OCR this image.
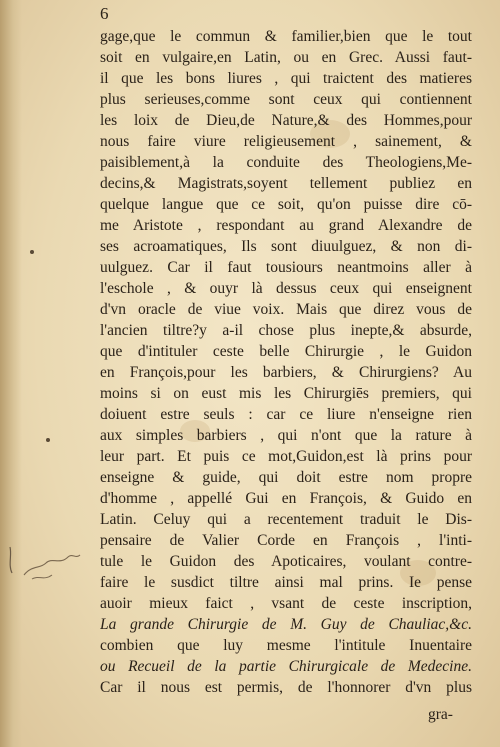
6
gage,que le commun & familier,bien que le tout
soit en vulgaire,en Latin, ou en Grec. Aussi faut-
il que les bons liures , qui traictent des matieres
plus serieuses,comme sont ceux qui contiennent
les loix de Dieu,de Nature,& des Hommes,pour
nous faire viure religieusement , sainement, &
paisiblement,à la conduite des Theologiens,Me-
decins,& Magistrats,soyent tellement publiez en
quelque langue que ce soit, qu'on puisse dire cō-
me Aristote , respondant au grand Alexandre de
ses acroamatiques, Ils sont diuulguez, & non di-
uulguez. Car il faut tousiours neantmoins aller à
l'eschole , & ouyr là dessus ceux qui enseignent
d'vn oracle de viue voix. Mais que direz vous de
l'ancien tiltre?y a-il chose plus inepte,& absurde,
que d'intituler ceste belle Chirurgie , le Guidon
en François,pour les barbiers, & Chirurgiens? Au
moins si on eust mis les Chirurgiēs premiers, qui
doiuent estre seuls : car ce liure n'enseigne rien
aux simples barbiers , qui n'ont que la rature à
leur part. Et puis ce mot,Guidon,est là prins pour
enseigne & guide, qui doit estre nom propre
d'homme , appellé Gui en François, & Guido en
Latin. Celuy qui a recentement traduit le Dis-
pensaire de Valier Corde en François , l'inti-
tule le Guidon des Apoticaires, voulant contre-
faire le susdict tiltre ainsi mal prins. Ie pense
auoir mieux faict , vsant de ceste inscription,
La grande Chirurgie de M. Guy de Chauliac,&c.
combien que luy mesme l'intitule Inuentaire
ou Recueil de la partie Chirurgicale de Medecine.
Car il nous est permis, de l'honnorer d'vn plus
gra-
